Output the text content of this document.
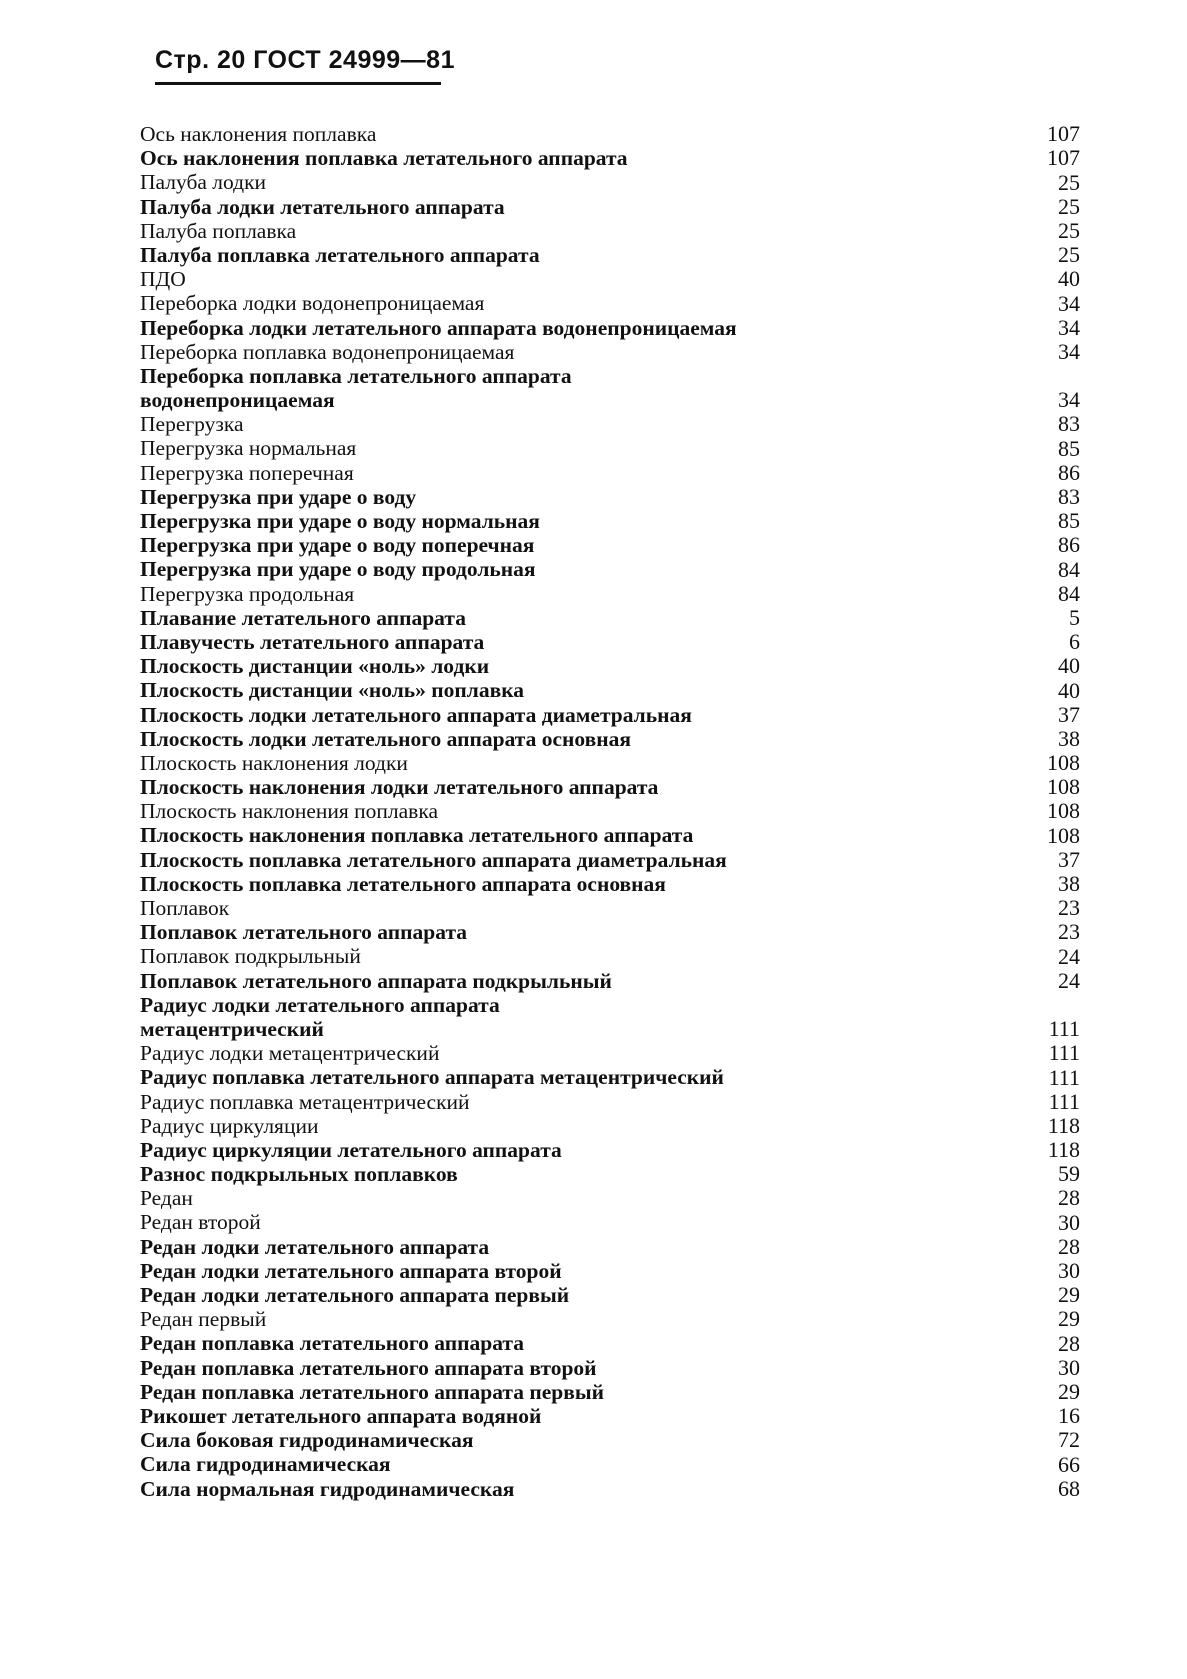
Стр. 20 ГОСТ 24999—81
Ось наклонения поплавка	107
Ось наклонения поплавка летательного аппарата	107
Палуба лодки	25
Палуба лодки летательного аппарата	25
Палуба поплавка	25
Палуба поплавка летательного аппарата	25
ПДО	40
Переборка лодки водонепроницаемая	34
Переборка лодки летательного аппарата водонепроницаемая	34
Переборка поплавка водонепроницаемая	34
Переборка поплавка летательного аппарата водонепроницаемая	34
Перегрузка	83
Перегрузка нормальная	85
Перегрузка поперечная	86
Перегрузка при ударе о воду	83
Перегрузка при ударе о воду нормальная	85
Перегрузка при ударе о воду поперечная	86
Перегрузка при ударе о воду продольная	84
Перегрузка продольная	84
Плавание летательного аппарата	5
Плавучесть летательного аппарата	6
Плоскость дистанции «ноль» лодки	40
Плоскость дистанции «ноль» поплавка	40
Плоскость лодки летательного аппарата диаметральная	37
Плоскость лодки летательного аппарата основная	38
Плоскость наклонения лодки	108
Плоскость наклонения лодки летательного аппарата	108
Плоскость наклонения поплавка	108
Плоскость наклонения поплавка летательного аппарата	108
Плоскость поплавка летательного аппарата диаметральная	37
Плоскость поплавка летательного аппарата основная	38
Поплавок	23
Поплавок летательного аппарата	23
Поплавок подкрыльный	24
Поплавок летательного аппарата подкрыльный	24
Радиус лодки летательного аппарата метацентрический	111
Радиус лодки метацентрический	111
Радиус поплавка летательного аппарата метацентрический	111
Радиус поплавка метацентрический	111
Радиус циркуляции	118
Радиус циркуляции летательного аппарата	118
Разнос подкрыльных поплавков	59
Редан	28
Редан второй	30
Редан лодки летательного аппарата	28
Редан лодки летательного аппарата второй	30
Редан лодки летательного аппарата первый	29
Редан первый	29
Редан поплавка летательного аппарата	28
Редан поплавка летательного аппарата второй	30
Редан поплавка летательного аппарата первый	29
Рикошет летательного аппарата водяной	16
Сила боковая гидродинамическая	72
Сила гидродинамическая	66
Сила нормальная гидродинамическая	68
